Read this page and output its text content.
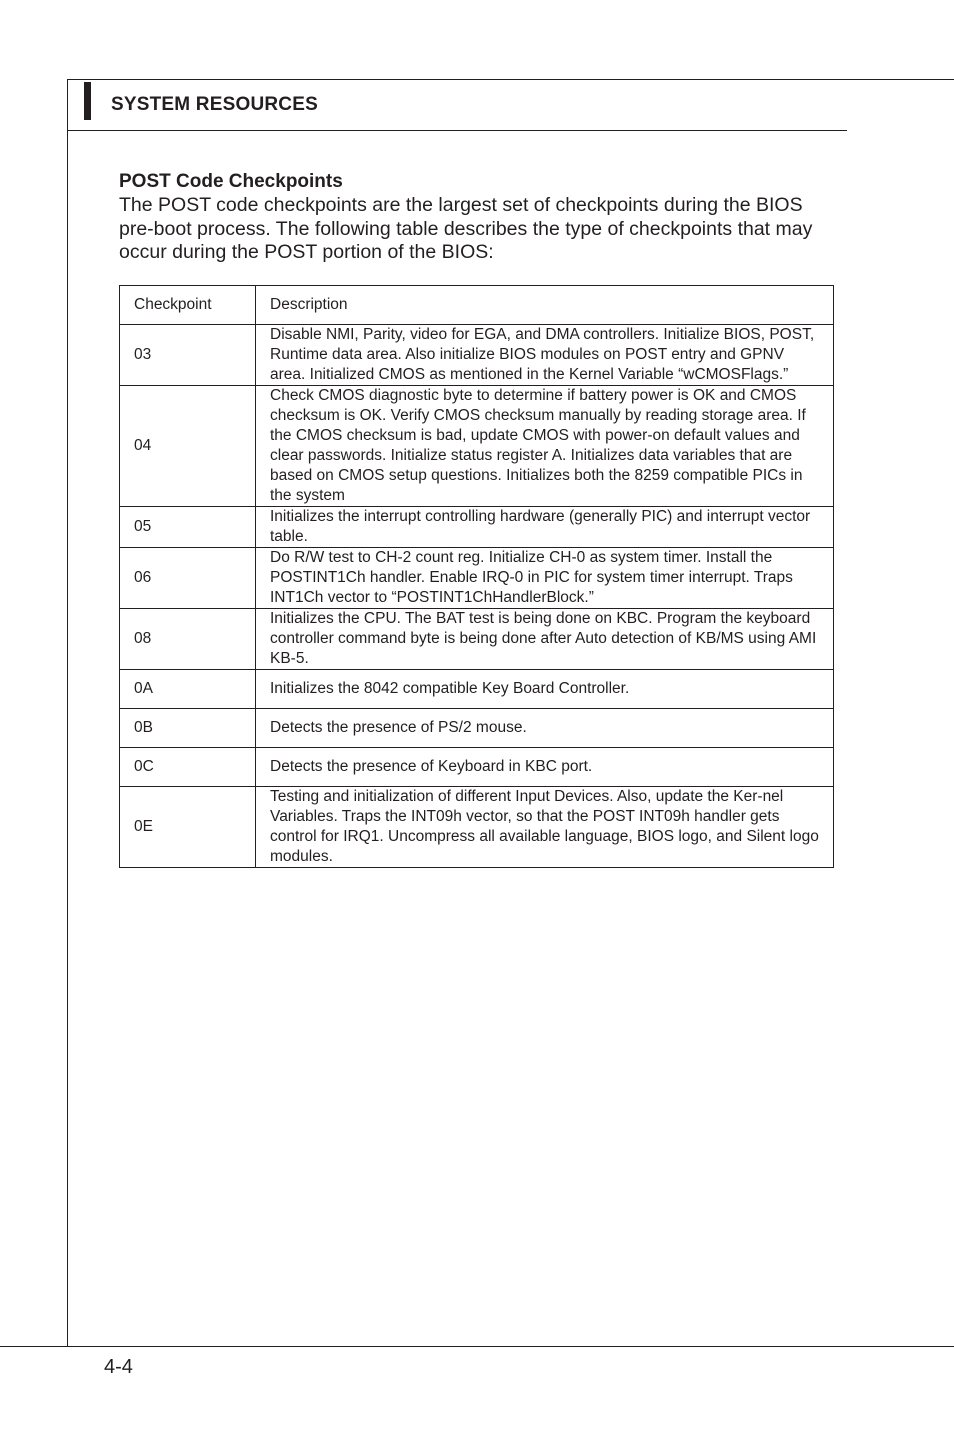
SYSTEM RESOURCES
POST Code Checkpoints
The POST code checkpoints are the largest set of checkpoints during the BIOS pre-boot process. The following table describes the type of checkpoints that may occur during the POST portion of the BIOS:
Checkpoint	Description
03	Disable NMI, Parity, video for EGA, and DMA controllers. Initialize BIOS, POST, Runtime data area. Also initialize BIOS modules on POST entry and GPNV area. Initialized CMOS as mentioned in the Kernel Variable “wCMOSFlags.”
04	Check CMOS diagnostic byte to determine if battery power is OK and CMOS checksum is OK. Verify CMOS checksum manually by reading storage area. If the CMOS checksum is bad, update CMOS with power-on default values and clear passwords. Initialize status register A. Initializes data variables that are based on CMOS setup questions. Initializes both the 8259 compatible PICs in the system
05	Initializes the interrupt controlling hardware (generally PIC) and interrupt vector table.
06	Do R/W test to CH-2 count reg. Initialize CH-0 as system timer. Install the POSTINT1Ch handler. Enable IRQ-0 in PIC for system timer interrupt. Traps INT1Ch vector to “POSTINT1ChHandlerBlock.”
08	Initializes the CPU. The BAT test is being done on KBC. Program the keyboard controller command byte is being done after Auto detection of KB/MS using AMI KB-5.
0A	Initializes the 8042 compatible Key Board Controller.
0B	Detects the presence of PS/2 mouse.
0C	Detects the presence of Keyboard in KBC port.
0E	Testing and initialization of different Input Devices. Also, update the Ker-nel Variables. Traps the INT09h vector, so that the POST INT09h handler gets control for IRQ1. Uncompress all available language, BIOS logo, and Silent logo modules.
4-4
